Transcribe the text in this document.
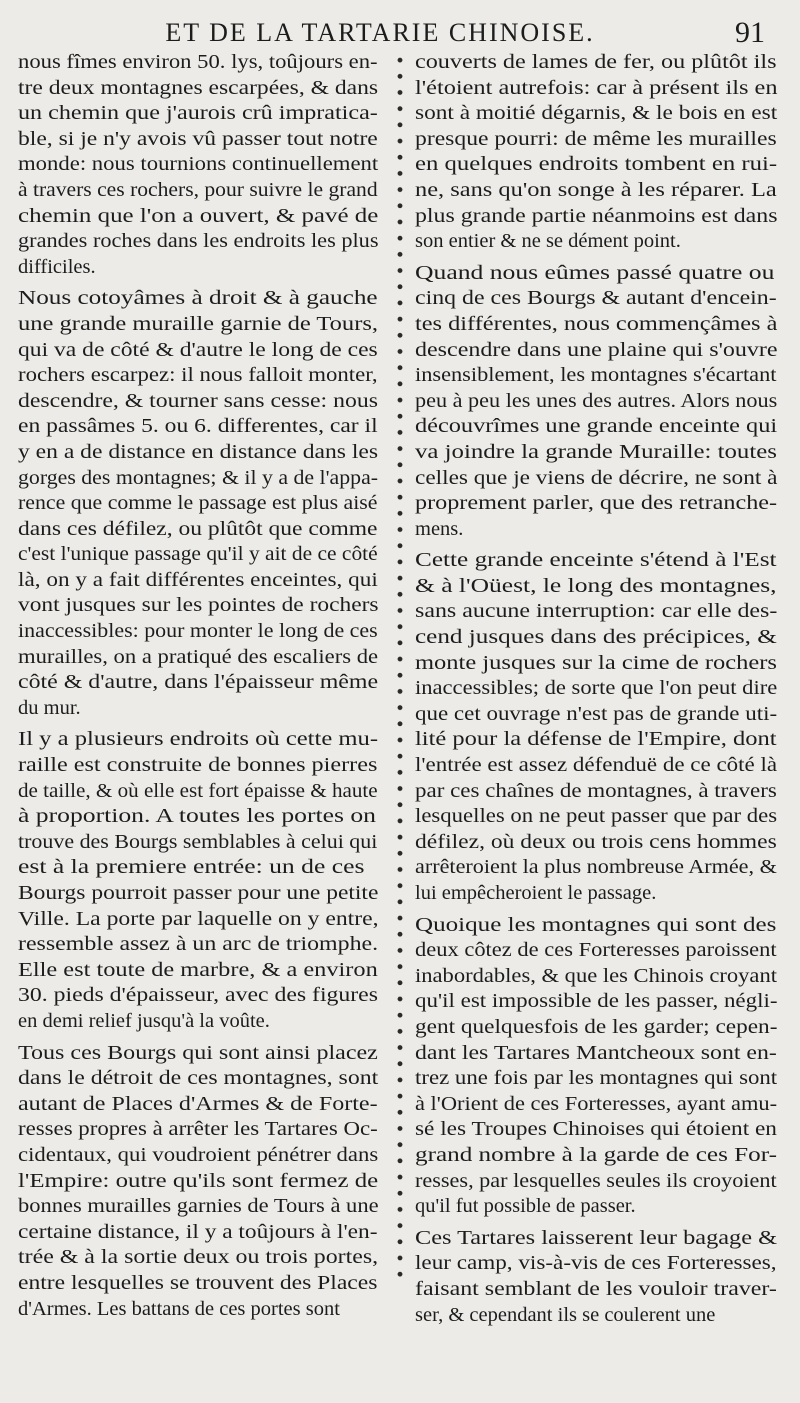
ET DE LA TARTARIE CHINOISE.	91
nous fîmes environ 50. lys, toûjours en-
tre deux montagnes escarpées, & dans
un chemin que j'aurois crû impratica-
ble, si je n'y avois vû passer tout notre
monde: nous tournions continuellement
à travers ces rochers, pour suivre le grand
chemin que l'on a ouvert, & pavé de
grandes roches dans les endroits les plus
difficiles.
Nous cotoyâmes à droit & à gauche
une grande muraille garnie de Tours,
qui va de côté & d'autre le long de ces
rochers escarpez: il nous falloit monter,
descendre, & tourner sans cesse: nous
en passâmes 5. ou 6. differentes, car il
y en a de distance en distance dans les
gorges des montagnes; & il y a de l'appa-
rence que comme le passage est plus aisé
dans ces défilez, ou plûtôt que comme
c'est l'unique passage qu'il y ait de ce côté
là, on y a fait différentes enceintes, qui
vont jusques sur les pointes de rochers
inaccessibles: pour monter le long de ces
murailles, on a pratiqué des escaliers de
côté & d'autre, dans l'épaisseur même
du mur.
Il y a plusieurs endroits où cette mu-
raille est construite de bonnes pierres
de taille, & où elle est fort épaisse & haute
à proportion. A toutes les portes on
trouve des Bourgs semblables à celui qui
est à la premiere entrée: un de ces
Bourgs pourroit passer pour une petite
Ville. La porte par laquelle on y entre,
ressemble assez à un arc de triomphe.
Elle est toute de marbre, & a environ
30. pieds d'épaisseur, avec des figures
en demi relief jusqu'à la voûte.
Tous ces Bourgs qui sont ainsi placez
dans le détroit de ces montagnes, sont
autant de Places d'Armes & de Forte-
resses propres à arrêter les Tartares Oc-
cidentaux, qui voudroient pénétrer dans
l'Empire: outre qu'ils sont fermez de
bonnes murailles garnies de Tours à une
certaine distance, il y a toûjours à l'en-
trée & à la sortie deux ou trois portes,
entre lesquelles se trouvent des Places
d'Armes. Les battans de ces portes sont
couverts de lames de fer, ou plûtôt ils
l'étoient autrefois: car à présent ils en
sont à moitié dégarnis, & le bois en est
presque pourri: de même les murailles
en quelques endroits tombent en rui-
ne, sans qu'on songe à les réparer. La
plus grande partie néanmoins est dans
son entier & ne se dément point.
Quand nous eûmes passé quatre ou
cinq de ces Bourgs & autant d'encein-
tes différentes, nous commençâmes à
descendre dans une plaine qui s'ouvre
insensiblement, les montagnes s'écartant
peu à peu les unes des autres. Alors nous
découvrîmes une grande enceinte qui
va joindre la grande Muraille: toutes
celles que je viens de décrire, ne sont à
proprement parler, que des retranche-
mens.
Cette grande enceinte s'étend à l'Est
& à l'Oüest, le long des montagnes,
sans aucune interruption: car elle des-
cend jusques dans des précipices, &
monte jusques sur la cime de rochers
inaccessibles; de sorte que l'on peut dire
que cet ouvrage n'est pas de grande uti-
lité pour la défense de l'Empire, dont
l'entrée est assez défenduë de ce côté là
par ces chaînes de montagnes, à travers
lesquelles on ne peut passer que par des
défilez, où deux ou trois cens hommes
arrêteroient la plus nombreuse Armée, &
lui empêcheroient le passage.
Quoique les montagnes qui sont des
deux côtez de ces Forteresses paroissent
inabordables, & que les Chinois croyant
qu'il est impossible de les passer, négli-
gent quelquesfois de les garder; cepen-
dant les Tartares Mantcheoux sont en-
trez une fois par les montagnes qui sont
à l'Orient de ces Forteresses, ayant amu-
sé les Troupes Chinoises qui étoient en
grand nombre à la garde de ces For-
resses, par lesquelles seules ils croyoient
qu'il fut possible de passer.
Ces Tartares laisserent leur bagage &
leur camp, vis-à-vis de ces Forteresses,
faisant semblant de les vouloir traver-
ser, & cependant ils se coulerent une
